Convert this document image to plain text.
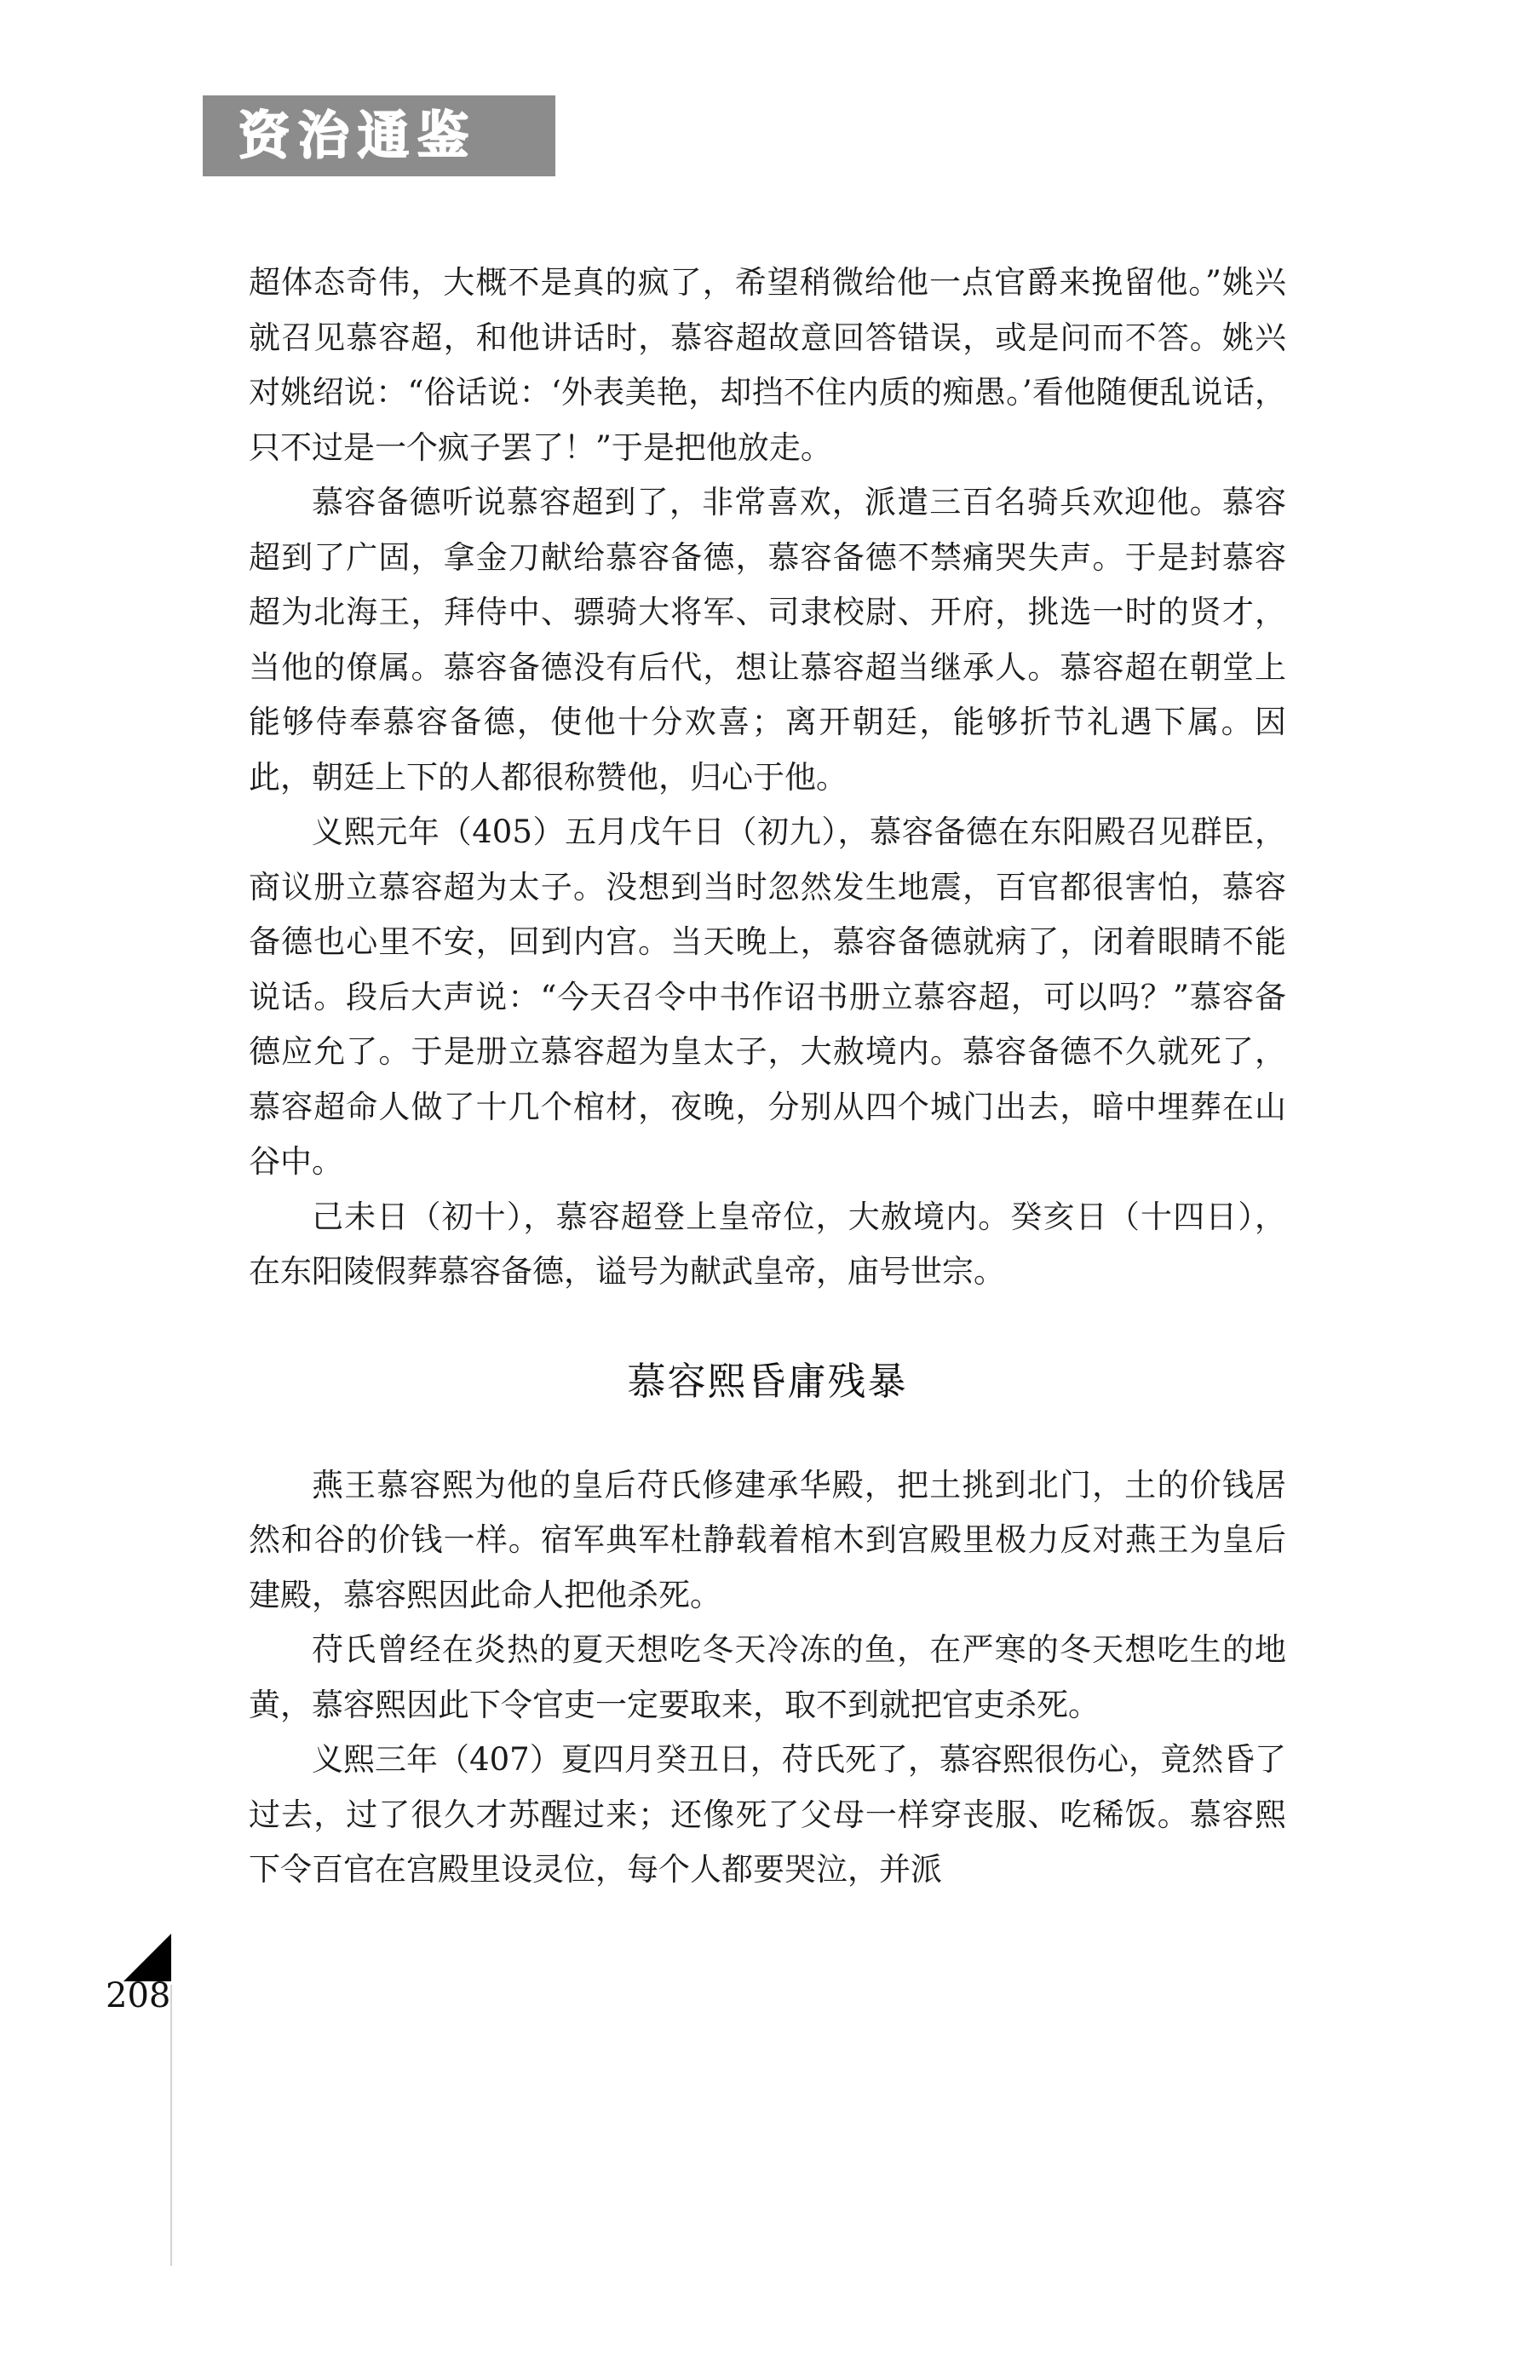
资治通鉴

超体态奇伟，大概不是真的疯了，希望稍微给他一点官爵来挽留他。”姚兴就召见慕容超，和他讲话时，慕容超故意回答错误，或是问而不答。姚兴对姚绍说：“俗话说：‘外表美艳，却挡不住内质的痴愚。’看他随便乱说话，只不过是一个疯子罢了！”于是把他放走。

慕容备德听说慕容超到了，非常喜欢，派遣三百名骑兵欢迎他。慕容超到了广固，拿金刀献给慕容备德，慕容备德不禁痛哭失声。于是封慕容超为北海王，拜侍中、骠骑大将军、司隶校尉、开府，挑选一时的贤才，当他的僚属。慕容备德没有后代，想让慕容超当继承人。慕容超在朝堂上能够侍奉慕容备德，使他十分欢喜；离开朝廷，能够折节礼遇下属。因此，朝廷上下的人都很称赞他，归心于他。

义熙元年（405）五月戊午日（初九），慕容备德在东阳殿召见群臣，商议册立慕容超为太子。没想到当时忽然发生地震，百官都很害怕，慕容备德也心里不安，回到内宫。当天晚上，慕容备德就病了，闭着眼睛不能说话。段后大声说：“今天召令中书作诏书册立慕容超，可以吗？”慕容备德应允了。于是册立慕容超为皇太子，大赦境内。慕容备德不久就死了，慕容超命人做了十几个棺材，夜晚，分别从四个城门出去，暗中埋葬在山谷中。

己未日（初十），慕容超登上皇帝位，大赦境内。癸亥日（十四日），在东阳陵假葬慕容备德，谥号为献武皇帝，庙号世宗。

慕容熙昏庸残暴

燕王慕容熙为他的皇后苻氏修建承华殿，把土挑到北门，土的价钱居然和谷的价钱一样。宿军典军杜静载着棺木到宫殿里极力反对燕王为皇后建殿，慕容熙因此命人把他杀死。

苻氏曾经在炎热的夏天想吃冬天冷冻的鱼，在严寒的冬天想吃生的地黄，慕容熙因此下令官吏一定要取来，取不到就把官吏杀死。

义熙三年（407）夏四月癸丑日，苻氏死了，慕容熙很伤心，竟然昏了过去，过了很久才苏醒过来；还像死了父母一样穿丧服、吃稀饭。慕容熙下令百官在宫殿里设灵位，每个人都要哭泣，并派

208
